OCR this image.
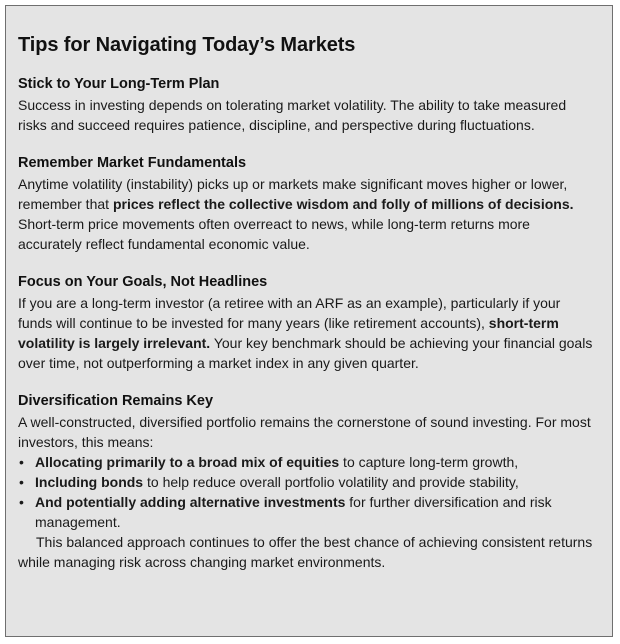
Tips for Navigating Today’s Markets
Stick to Your Long-Term Plan

Success in investing depends on tolerating market volatility. The ability to take measured risks and succeed requires patience, discipline, and perspective during fluctuations.

Remember Market Fundamentals

Anytime volatility (instability) picks up or markets make significant moves higher or lower, remember that prices reflect the collective wisdom and folly of millions of decisions. Short-term price movements often overreact to news, while long-term returns more accurately reflect fundamental economic value.

Focus on Your Goals, Not Headlines

If you are a long-term investor (a retiree with an ARF as an example), particularly if your funds will continue to be invested for many years (like retirement accounts), short-term volatility is largely irrelevant. Your key benchmark should be achieving your financial goals over time, not outperforming a market index in any given quarter.

Diversification Remains Key

A well-constructed, diversified portfolio remains the cornerstone of sound investing. For most investors, this means:

• Allocating primarily to a broad mix of equities to capture long-term growth,
• Including bonds to help reduce overall portfolio volatility and provide stability,
• And potentially adding alternative investments for further diversification and risk management.

This balanced approach continues to offer the best chance of achieving consistent returns while managing risk across changing market environments.
